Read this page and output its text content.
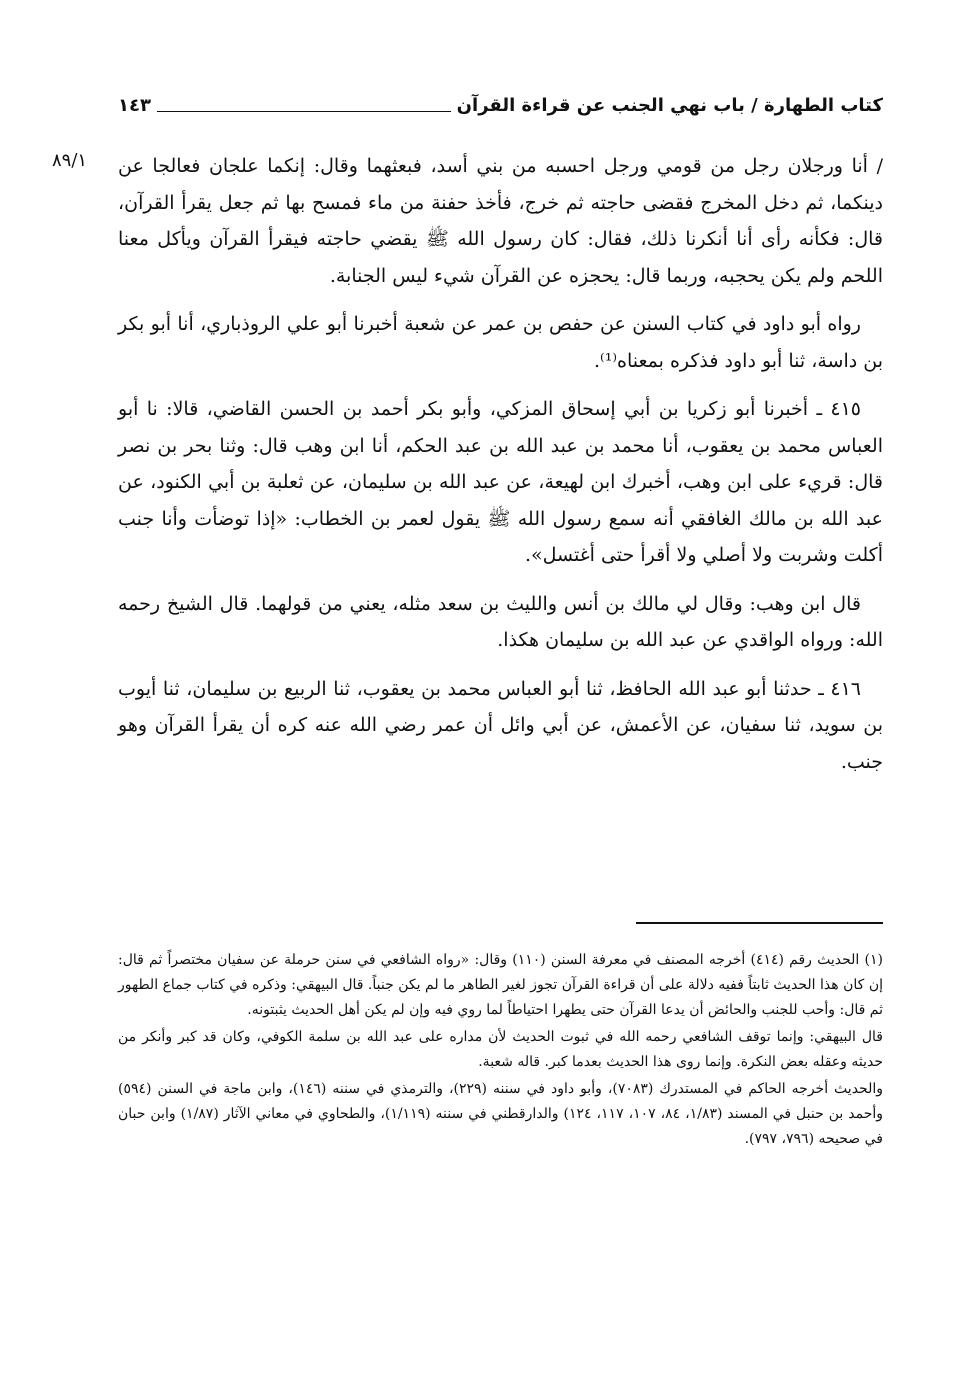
كتاب الطهارة / باب نهي الجنب عن قراءة القرآن
١٤٣
٨٩/١	/ أنا ورجلان رجل من قومي ورجل احسبه من بني أسد، فبعثهما وقال: إنكما علجان فعالجا عن دينكما، ثم دخل المخرج فقضى حاجته ثم خرج، فأخذ حفنة من ماء فمسح بها ثم جعل يقرأ القرآن، قال: فكأنه رأى أنا أنكرنا ذلك، فقال: كان رسول الله ﷺ يقضي حاجته فيقرأ القرآن ويأكل معنا اللحم ولم يكن يحجبه، وربما قال: يحجزه عن القرآن شيء ليس الجنابة.

رواه أبو داود في كتاب السنن عن حفص بن عمر عن شعبة أخبرنا أبو علي الروذباري، أنا أبو بكر بن داسة، ثنا أبو داود فذكره بمعناه⁽¹⁾.

٤١٥ ـ أخبرنا أبو زكريا بن أبي إسحاق المزكي، وأبو بكر أحمد بن الحسن القاضي، قالا: نا أبو العباس محمد بن يعقوب، أنا محمد بن عبد الله بن عبد الحكم، أنا ابن وهب قال: وثنا بحر بن نصر قال: قريء على ابن وهب، أخبرك ابن لهيعة، عن عبد الله بن سليمان، عن ثعلبة بن أبي الكنود، عن عبد الله بن مالك الغافقي أنه سمع رسول الله ﷺ يقول لعمر بن الخطاب: «إذا توضأت وأنا جنب أكلت وشربت ولا أصلي ولا أقرأ حتى أغتسل».

قال ابن وهب: وقال لي مالك بن أنس والليث بن سعد مثله، يعني من قولهما. قال الشيخ رحمه الله: ورواه الواقدي عن عبد الله بن سليمان هكذا.

٤١٦ ـ حدثنا أبو عبد الله الحافظ، ثنا أبو العباس محمد بن يعقوب، ثنا الربيع بن سليمان، ثنا أيوب بن سويد، ثنا سفيان، عن الأعمش، عن أبي وائل أن عمر رضي الله عنه كره أن يقرأ القرآن وهو جنب.

(١) الحديث رقم (٤١٤) أخرجه المصنف في معرفة السنن (١١٠) وقال: «رواه الشافعي في سنن حرملة عن سفيان مختصراً ثم قال: إن كان هذا الحديث ثابتاً ففيه دلالة على أن قراءة القرآن تجوز لغير الطاهر ما لم يكن جنباً. قال البيهقي: وذكره في كتاب جماع الطهور ثم قال: وأحب للجنب والحائض أن يدعا القرآن حتى يطهرا احتياطاً لما روي فيه وإن لم يكن أهل الحديث يثبتونه.

قال البيهقي: وإنما توقف الشافعي رحمه الله في ثبوت الحديث لأن مداره على عبد الله بن سلمة الكوفي، وكان قد كبر وأنكر من حديثه وعقله بعض النكرة. وإنما روى هذا الحديث بعدما كبر. قاله شعبة.

والحديث أخرجه الحاكم في المستدرك (٧٠٨٣)، وأبو داود في سننه (٢٢٩)، والترمذي في سننه (١٤٦)، وابن ماجة في السنن (٥٩٤) وأحمد بن حنبل في المسند (١/٨٣، ٨٤، ١٠٧، ١١٧، ١٢٤) والدارقطني في سننه (١/١١٩)، والطحاوي في معاني الآثار (١/٨٧) وابن حبان في صحيحه (٧٩٦، ٧٩٧).
